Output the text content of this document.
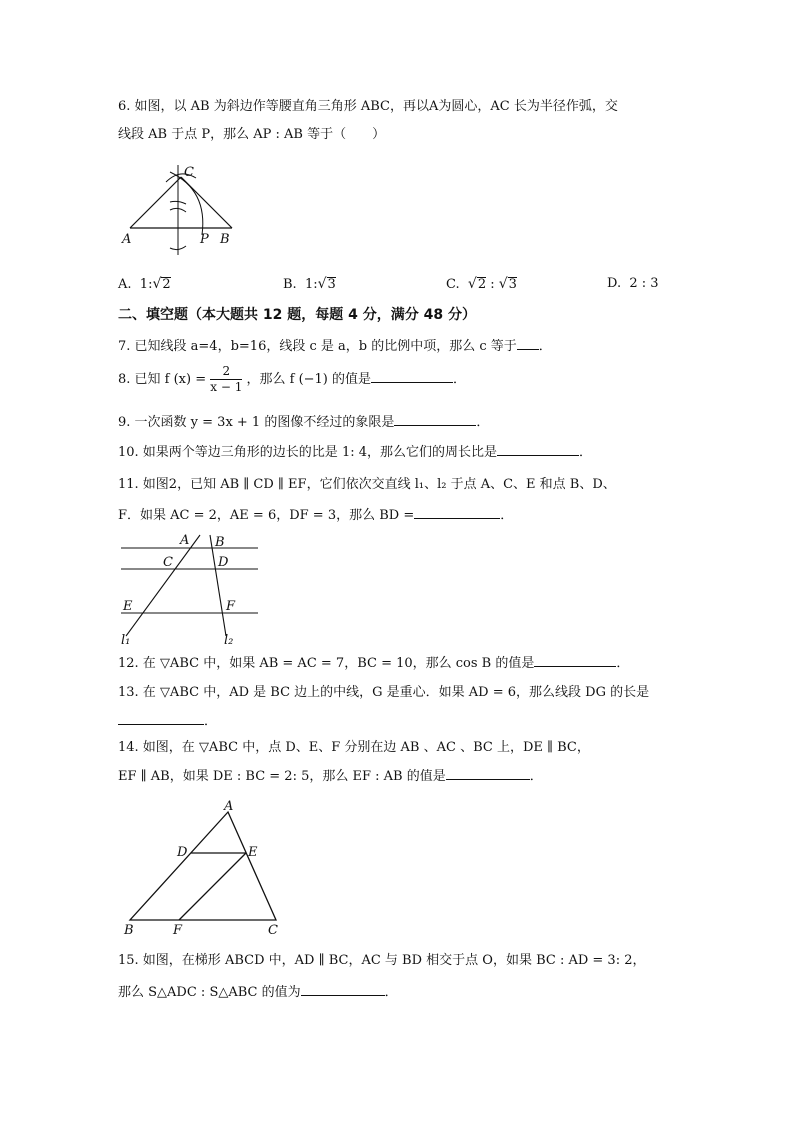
6. 如图，以 AB 为斜边作等腰直角三角形 ABC，再以A为圆心，AC 长为半径作弧，交
线段 AB 于点 P，那么 AP : AB 等于（　　）
C
A	P B
A. 1:√2	B. 1:√3	C. √2 : √3	D. 2 : 3
二、填空题（本大题共 12 题，每题 4 分，满分 48 分）
7. 已知线段 a=4，b=16，线段 c 是 a，b 的比例中项，那么 c 等于 ．
8. 已知 f $(x) = \frac{2}{x - 1}$ ，那么 f (−1) 的值是	．
9. 一次函数 y = 3x + 1 的图像不经过的象限是	．
10. 如果两个等边三角形的边长的比是 1: 4，那么它们的周长比是	．
11. 如图2，已知 AB ∥ CD ∥ EF，它们依次交直线 l₁、l₂ 于点 A、C、E 和点 B、D、
F．如果 AC = 2，AE = 6，DF = 3，那么 BD =	．
A B
C	D
E	F
l₁	l₂
12. 在 ▽ABC 中，如果 AB = AC = 7，BC = 10，那么 cos B 的值是	．
13. 在 ▽ABC 中，AD 是 BC 边上的中线，G 是重心．如果 AD = 6，那么线段 DG 的长是
．
14. 如图，在 ▽ABC 中，点 D、E、F 分别在边 AB 、AC 、BC 上，DE ∥ BC，
EF ∥ AB，如果 DE : BC = 2: 5，那么 EF : AB 的值是	．
A
D	E
B	F	C
15. 如图，在梯形 ABCD 中，AD ∥ BC，AC 与 BD 相交于点 O，如果 BC : AD = 3: 2，
那么 S△ADC : S△ABC 的值为	．
